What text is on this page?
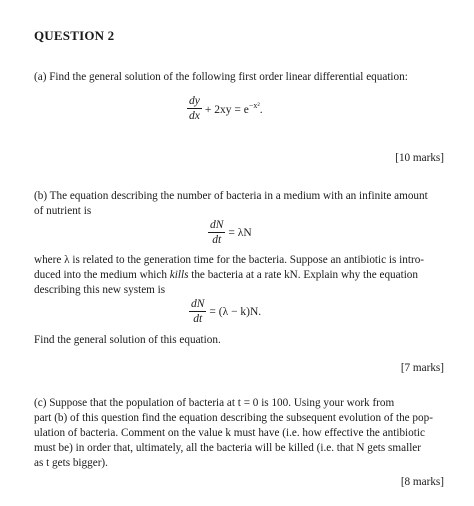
QUESTION 2
(a) Find the general solution of the following first order linear differential equation:
$\frac{dy}{dx} + 2xy = e^{-x^2}$.
[10 marks]
(b) The equation describing the number of bacteria in a medium with an infinite amount
of nutrient is
$\frac{dN}{dt} = \lambda N$
where λ is related to the generation time for the bacteria. Suppose an antibiotic is intro-
duced into the medium which kills the bacteria at a rate kN. Explain why the equation
describing this new system is
$\frac{dN}{dt} = (\lambda - k)N$.
Find the general solution of this equation.
[7 marks]
(c) Suppose that the population of bacteria at t = 0 is 100. Using your work from
part (b) of this question find the equation describing the subsequent evolution of the pop-
ulation of bacteria. Comment on the value k must have (i.e. how effective the antibiotic
must be) in order that, ultimately, all the bacteria will be killed (i.e. that N gets smaller
as t gets bigger).
[8 marks]
